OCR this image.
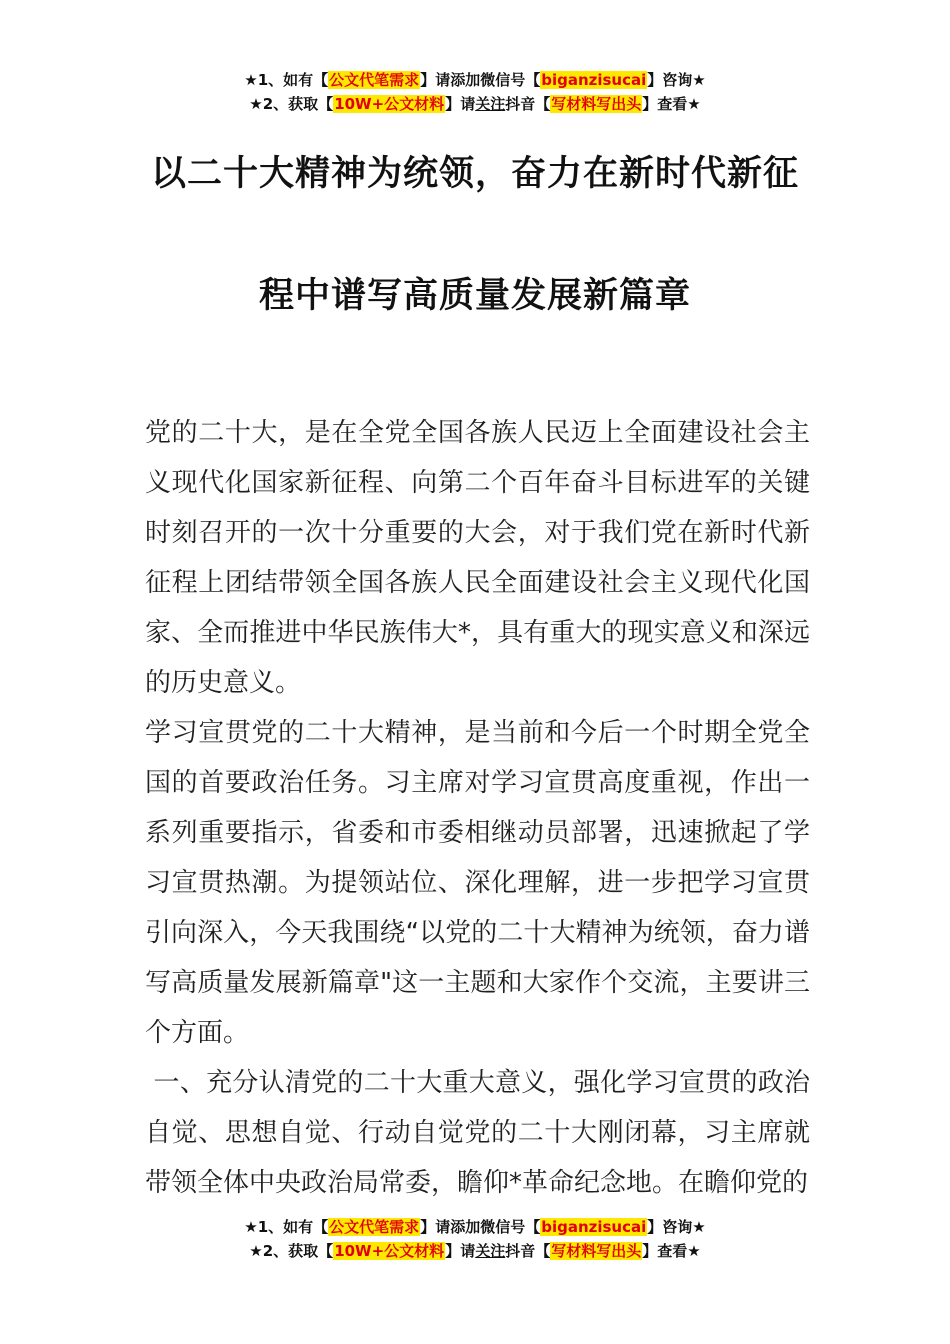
★1、如有【公文代笔需求】请添加微信号【biganzisucai】咨询★
★2、获取【10W+公文材料】请关注抖音【写材料写出头】查看★
以二十大精神为统领，奋力在新时代新征
程中谱写高质量发展新篇章

党的二十大，是在全党全国各族人民迈上全面建设社会主义现代化国家新征程、向第二个百年奋斗目标进军的关键时刻召开的一次十分重要的大会，对于我们党在新时代新征程上团结带领全国各族人民全面建设社会主义现代化国家、全而推进中华民族伟大*，具有重大的现实意义和深远的历史意义。

学习宣贯党的二十大精神，是当前和今后一个时期全党全国的首要政治任务。习主席对学习宣贯高度重视，作出一系列重要指示，省委和市委相继动员部署，迅速掀起了学习宣贯热潮。为提领站位、深化理解，进一步把学习宣贯引向深入，今天我围绕“以党的二十大精神为统领，奋力谱写高质量发展新篇章"这一主题和大家作个交流，主要讲三个方面。

一、充分认清党的二十大重大意义，强化学习宣贯的政治自觉、思想自觉、行动自觉党的二十大刚闭幕，习主席就带领全体中央政治局常委，瞻仰*革命纪念地。在瞻仰党的

★1、如有【公文代笔需求】请添加微信号【biganzisucai】咨询★
★2、获取【10W+公文材料】请关注抖音【写材料写出头】查看★
